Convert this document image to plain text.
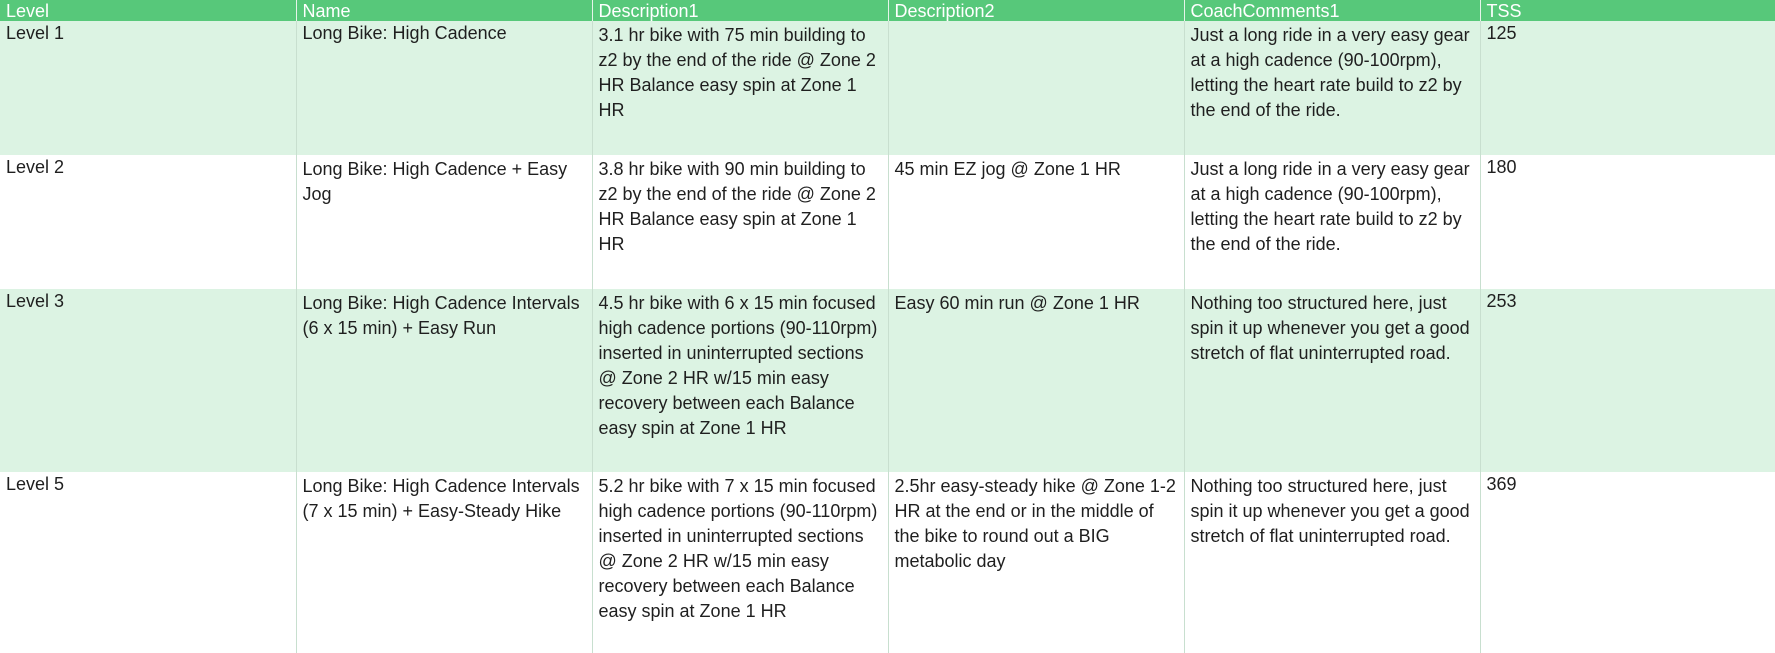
Level	Name	Description1	Description2	CoachComments1	TSS
Level 1	Long Bike: High Cadence	3.1 hr bike with 75 min building to z2 by the end of the ride @ Zone 2 HR Balance easy spin at Zone 1 HR		Just a long ride in a very easy gear at a high cadence (90-100rpm), letting the heart rate build to z2 by the end of the ride.	125
Level 2	Long Bike: High Cadence + Easy Jog	3.8 hr bike with 90 min building to z2 by the end of the ride @ Zone 2 HR Balance easy spin at Zone 1 HR	45 min EZ jog @ Zone 1 HR	Just a long ride in a very easy gear at a high cadence (90-100rpm), letting the heart rate build to z2 by the end of the ride.	180
Level 3	Long Bike: High Cadence Intervals (6 x 15 min) + Easy Run	4.5 hr bike with 6 x 15 min focused high cadence portions (90-110rpm) inserted in uninterrupted sections @ Zone 2 HR w/15 min easy recovery between each Balance easy spin at Zone 1 HR	Easy 60 min run @ Zone 1 HR	Nothing too structured here, just spin it up whenever you get a good stretch of flat uninterrupted road.	253
Level 5	Long Bike: High Cadence Intervals (7 x 15 min) + Easy-Steady Hike	5.2 hr bike with 7 x 15 min focused high cadence portions (90-110rpm) inserted in uninterrupted sections @ Zone 2 HR w/15 min easy recovery between each Balance easy spin at Zone 1 HR	2.5hr easy-steady hike @ Zone 1-2 HR at the end or in the middle of the bike to round out a BIG metabolic day	Nothing too structured here, just spin it up whenever you get a good stretch of flat uninterrupted road.	369
